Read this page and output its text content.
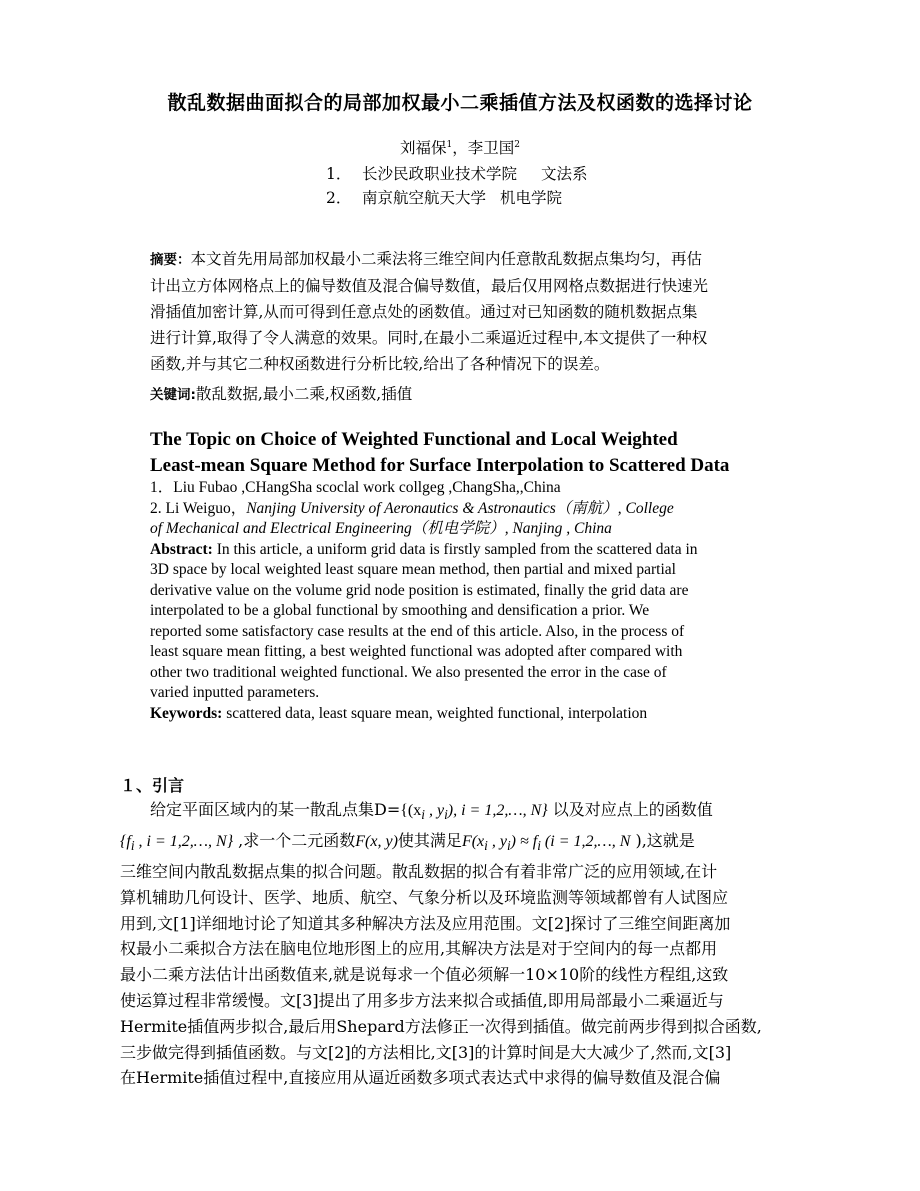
散乱数据曲面拟合的局部加权最小二乘插值方法及权函数的选择讨论
刘福保$^1$，李卫国$^2$
1． 长沙民政职业技术学院 文法系
2． 南京航空航天大学 机电学院
摘要：本文首先用局部加权最小二乘法将三维空间内任意散乱数据点集均匀，再估
计出立方体网格点上的偏导数值及混合偏导数值，最后仅用网格点数据进行快速光
滑插值加密计算,从而可得到任意点处的函数值。通过对已知函数的随机数据点集
进行计算,取得了令人满意的效果。同时,在最小二乘逼近过程中,本文提供了一种权
函数,并与其它二种权函数进行分析比较,给出了各种情况下的误差。
关键词:散乱数据,最小二乘,权函数,插值
The Topic on Choice of Weighted Functional and Local Weighted
Least-mean Square Method for Surface Interpolation to Scattered Data
1．Liu Fubao ,CHangSha scoclal work collgeg ,ChangSha,,China
2. Li Weiguo，Nanjing University of Aeronautics & Astronautics（南航）, College
of Mechanical and Electrical Engineering（机电学院）, Nanjing , China
Abstract: In this article, a uniform grid data is firstly sampled from the scattered data in
3D space by local weighted least square mean method, then partial and mixed partial
derivative value on the volume grid node position is estimated, finally the grid data are
interpolated to be a global functional by smoothing and densification a prior. We
reported some satisfactory case results at the end of this article. Also, in the process of
least square mean fitting, a best weighted functional was adopted after compared with
other two traditional weighted functional. We also presented the error in the case of
varied inputted parameters.
Keywords: scattered data, least square mean, weighted functional, interpolation
１、引言
给定平面区域内的某一散乱点集$D=\{(x_i$ , $y_i$), i = 1,2,…, N} 以及对应点上的函数值
{$f_i$ , i = 1,2,…, N} ,求一个二元函数F(x, y)使其满足$F(x_i$ , $y_i) \approx f_i$ (i = 1,2,…, N ),这就是
三维空间内散乱数据点集的拟合问题。散乱数据的拟合有着非常广泛的应用领域,在计
算机辅助几何设计、医学、地质、航空、气象分析以及环境监测等领域都曾有人试图应
用到,文[1]详细地讨论了知道其多种解决方法及应用范围。文[2]探讨了三维空间距离加
权最小二乘拟合方法在脑电位地形图上的应用,其解决方法是对于空间内的每一点都用
最小二乘方法估计出函数值来,就是说每求一个值必须解一10×10阶的线性方程组,这致
使运算过程非常缓慢。文[3]提出了用多步方法来拟合或插值,即用局部最小二乘逼近与
Hermite插值两步拟合,最后用Shepard方法修正一次得到插值。做完前两步得到拟合函数,
三步做完得到插值函数。与文[2]的方法相比,文[3]的计算时间是大大减少了,然而,文[3]
在Hermite插值过程中,直接应用从逼近函数多项式表达式中求得的偏导数值及混合偏
